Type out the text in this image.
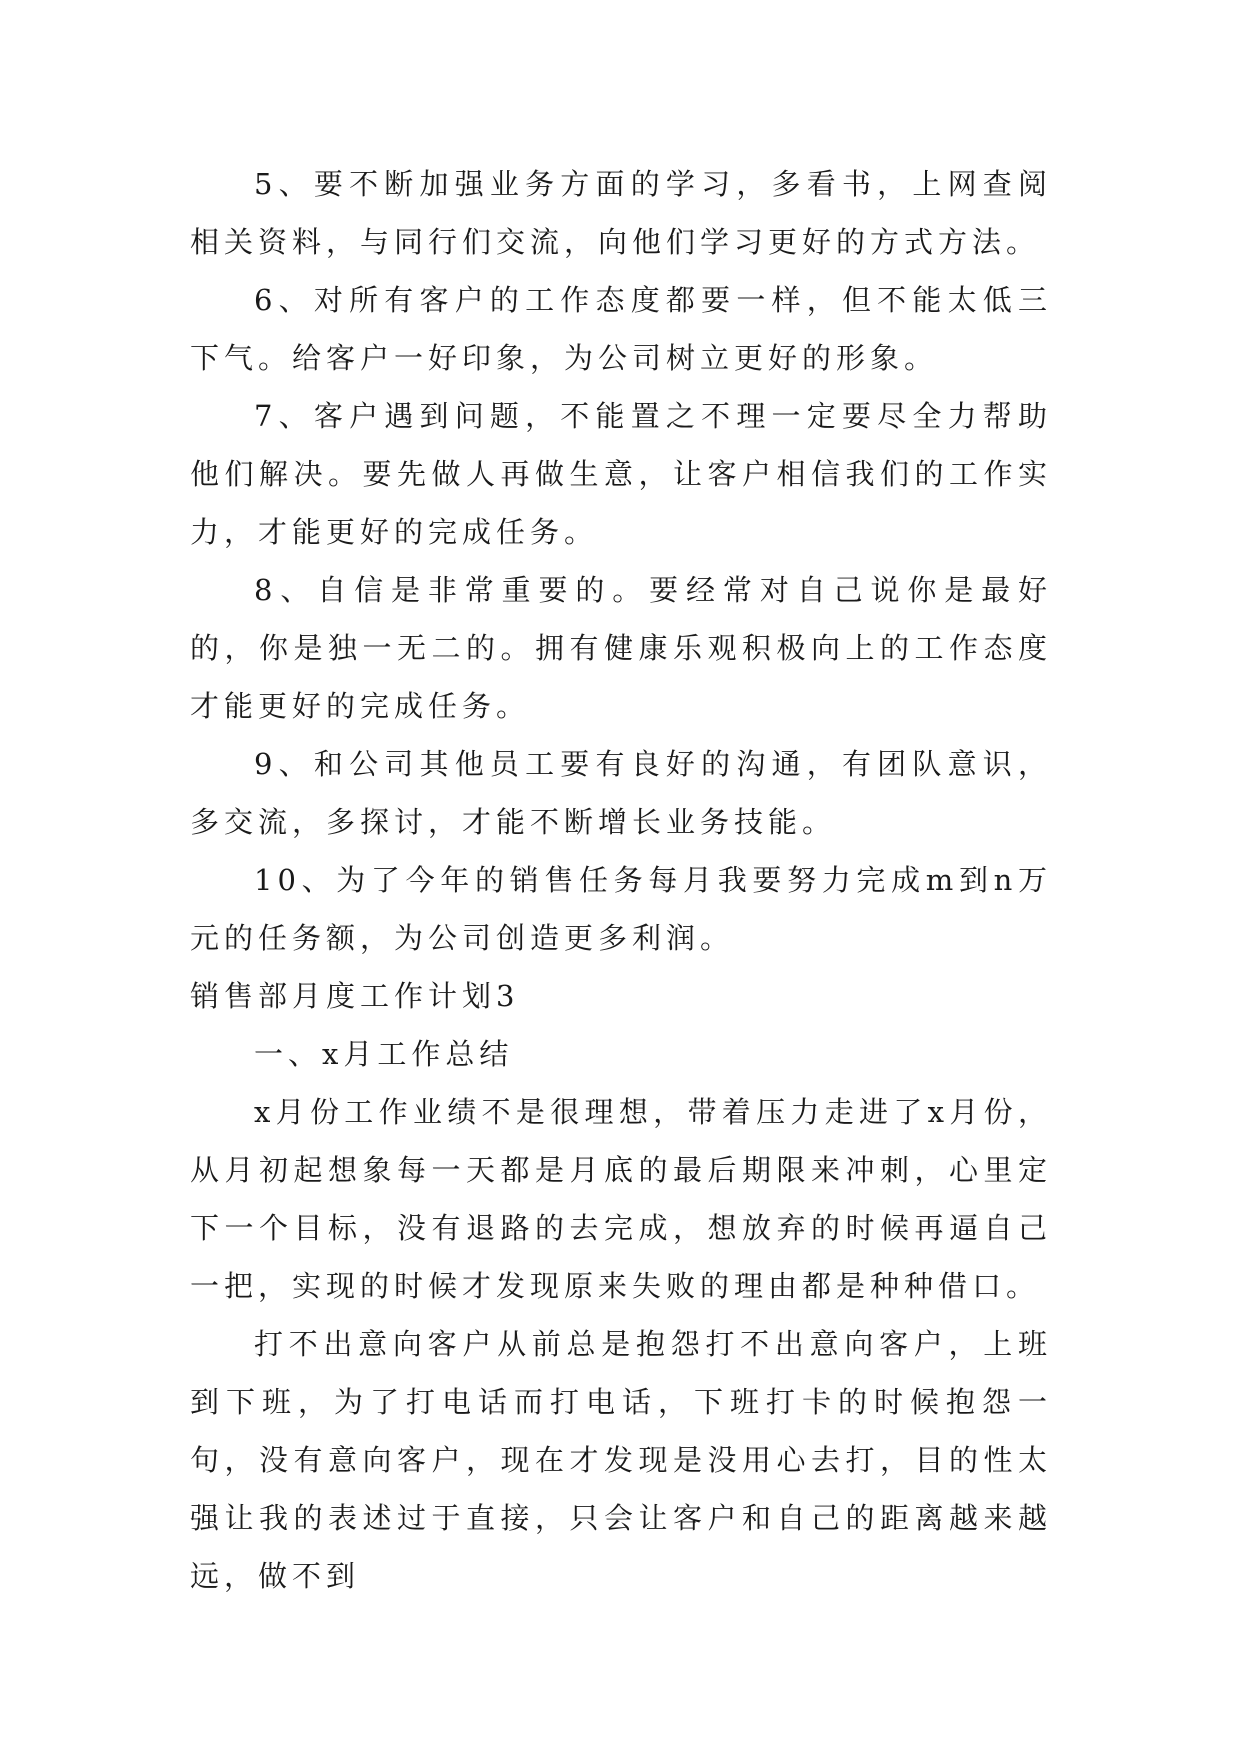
5、要不断加强业务方面的学习，多看书，上网查阅相关资料，与同行们交流，向他们学习更好的方式方法。

6、对所有客户的工作态度都要一样，但不能太低三下气。给客户一好印象，为公司树立更好的形象。

7、客户遇到问题，不能置之不理一定要尽全力帮助他们解决。要先做人再做生意，让客户相信我们的工作实力，才能更好的完成任务。

8、自信是非常重要的。要经常对自己说你是最好的，你是独一无二的。拥有健康乐观积极向上的工作态度才能更好的完成任务。

9、和公司其他员工要有良好的沟通，有团队意识，多交流，多探讨，才能不断增长业务技能。

10、为了今年的销售任务每月我要努力完成m到n万元的任务额，为公司创造更多利润。

销售部月度工作计划3

一、x月工作总结

x月份工作业绩不是很理想，带着压力走进了x月份，从月初起想象每一天都是月底的最后期限来冲刺，心里定下一个目标，没有退路的去完成，想放弃的时候再逼自己一把，实现的时候才发现原来失败的理由都是种种借口。

打不出意向客户从前总是抱怨打不出意向客户，上班到下班，为了打电话而打电话，下班打卡的时候抱怨一句，没有意向客户，现在才发现是没用心去打，目的性太强让我的表述过于直接，只会让客户和自己的距离越来越远，做不到
